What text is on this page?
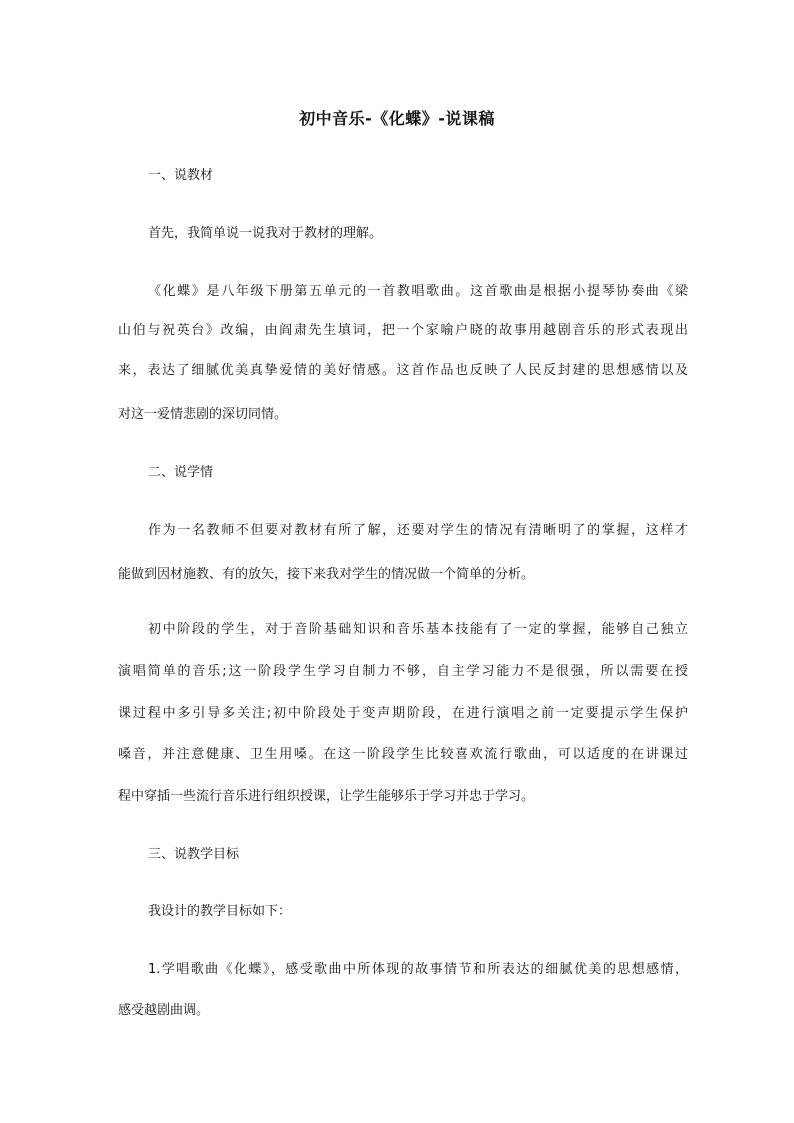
初中音乐-《化蝶》-说课稿
一、说教材
首先，我简单说一说我对于教材的理解。
《化蝶》是八年级下册第五单元的一首教唱歌曲。这首歌曲是根据小提琴协奏曲《梁
山伯与祝英台》改编，由阎肃先生填词，把一个家喻户晓的故事用越剧音乐的形式表现出
来，表达了细腻优美真挚爱情的美好情感。这首作品也反映了人民反封建的思想感情以及
对这一爱情悲剧的深切同情。
二、说学情
作为一名教师不但要对教材有所了解，还要对学生的情况有清晰明了的掌握，这样才
能做到因材施教、有的放矢，接下来我对学生的情况做一个简单的分析。
初中阶段的学生，对于音阶基础知识和音乐基本技能有了一定的掌握，能够自己独立
演唱简单的音乐;这一阶段学生学习自制力不够，自主学习能力不是很强，所以需要在授
课过程中多引导多关注;初中阶段处于变声期阶段，在进行演唱之前一定要提示学生保护
嗓音，并注意健康、卫生用嗓。在这一阶段学生比较喜欢流行歌曲，可以适度的在讲课过
程中穿插一些流行音乐进行组织授课，让学生能够乐于学习并忠于学习。
三、说教学目标
我设计的教学目标如下：
1.学唱歌曲《化蝶》，感受歌曲中所体现的故事情节和所表达的细腻优美的思想感情，
感受越剧曲调。
